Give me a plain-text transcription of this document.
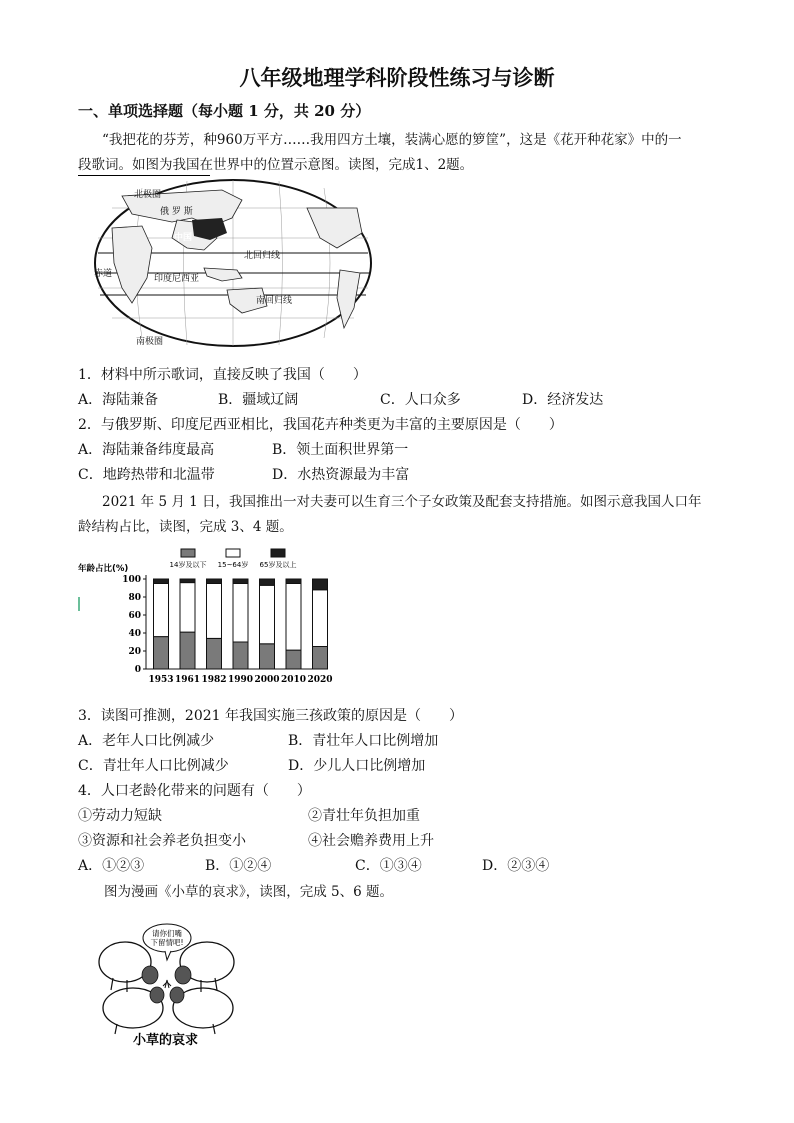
八年级地理学科阶段性练习与诊断
一、单项选择题（每小题 1 分，共 20 分）
“我把花的芬芳，种960万平方……我用四方土壤，装满心愿的箩筐”，这是《花开种花家》中的一
段歌词。如图为我国在世界中的位置示意图。读图，完成1、2题。
北极圈
俄 罗 斯
中国
北回归线
赤道	印度尼西亚
南回归线
南极圈
1．材料中所示歌词，直接反映了我国（　　）
A．海陆兼备	B．疆域辽阔	C．人口众多	D．经济发达
2．与俄罗斯、印度尼西亚相比，我国花卉种类更为丰富的主要原因是（　　）
A．海陆兼备纬度最高	B．领土面积世界第一
C．地跨热带和北温带	D．水热资源最为丰富
2021 年 5 月 1 日，我国推出一对夫妻可以生育三个子女政策及配套支持措施。如图示意我国人口年
龄结构占比，读图，完成 3、4 题。
年龄占比(%)	14岁及以下 15~64岁 65岁及以上
0
20
40
60
80
100
1953 1961 1982 1990 2000 2010 2020
3．读图可推测，2021 年我国实施三孩政策的原因是（　　）
A．老年人口比例减少	B．青壮年人口比例增加
C．青壮年人口比例减少	D．少儿人口比例增加
4．人口老龄化带来的问题有（　　）
①劳动力短缺	②青壮年负担加重
③资源和社会养老负担变小	④社会赡养费用上升
A．①②③	B．①②④	C．①③④	D．②③④
图为漫画《小草的哀求》，读图，完成 5、6 题。
请你们嘴
下留情吧!
小草的哀求
